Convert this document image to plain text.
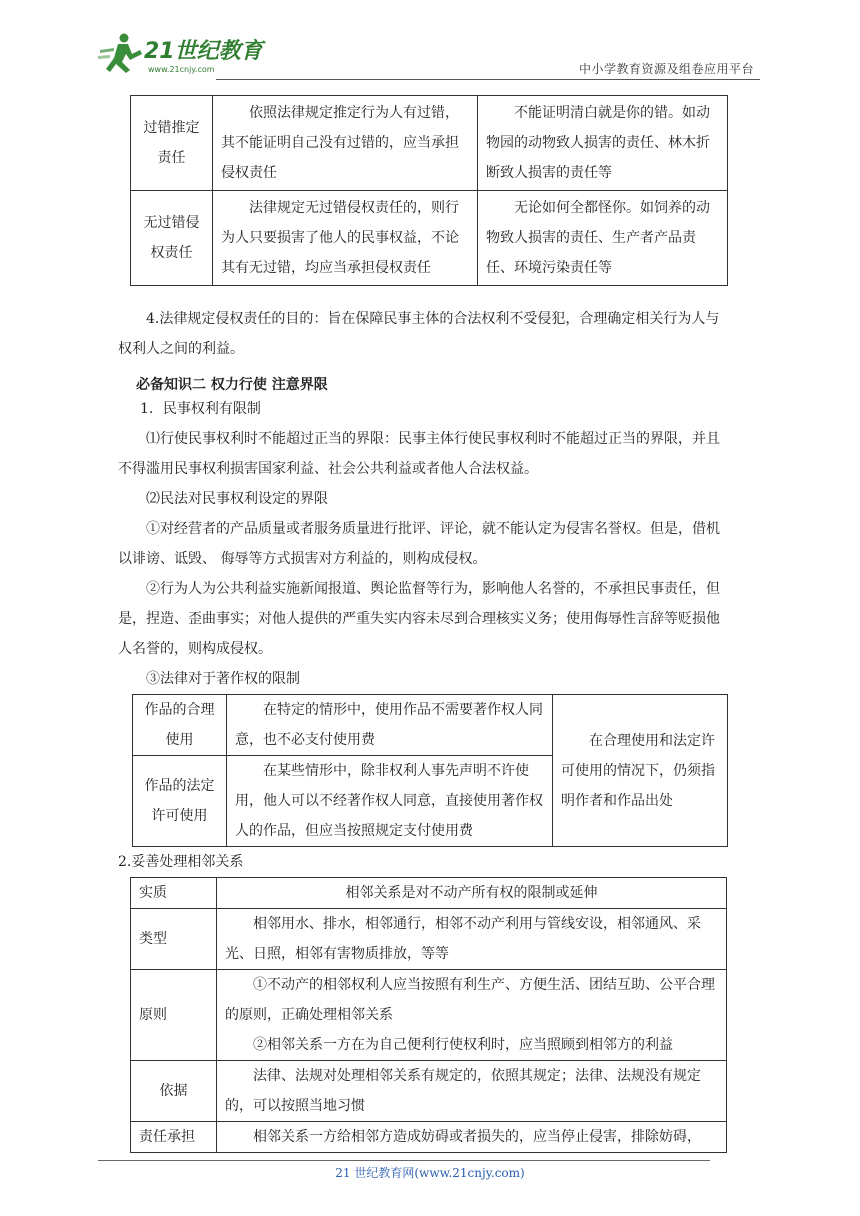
21世纪教育
www.21cnjy.com	中小学教育资源及组卷应用平台
过错推定责任	依照法律规定推定行为人有过错，其不能证明自己没有过错的，应当承担侵权责任	不能证明清白就是你的错。如动物园的动物致人损害的责任、林木折断致人损害的责任等
无过错侵权责任	法律规定无过错侵权责任的，则行为人只要损害了他人的民事权益，不论其有无过错，均应当承担侵权责任	无论如何全都怪你。如饲养的动物致人损害的责任、生产者产品责任、环境污染责任等

4.法律规定侵权责任的目的：旨在保障民事主体的合法权利不受侵犯，合理确定相关行为人与权利人之间的利益。

必备知识二 权力行使 注意界限

1．民事权利有限制

⑴行使民事权利时不能超过正当的界限：民事主体行使民事权利时不能超过正当的界限，并且不得滥用民事权利损害国家利益、社会公共利益或者他人合法权益。

⑵民法对民事权利设定的界限

①对经营者的产品质量或者服务质量进行批评、评论，就不能认定为侵害名誉权。但是，借机以诽谤、诋毁、 侮辱等方式损害对方利益的，则构成侵权。

②行为人为公共利益实施新闻报道、舆论监督等行为，影响他人名誉的，不承担民事责任，但是，捏造、歪曲事实；对他人提供的严重失实内容未尽到合理核实义务；使用侮辱性言辞等贬损他人名誉的，则构成侵权。

③法律对于著作权的限制

作品的合理使用	在特定的情形中，使用作品不需要著作权人同意，也不必支付使用费	在合理使用和法定许可使用的情况下，仍须指明作者和作品出处
作品的法定许可使用	在某些情形中，除非权利人事先声明不许使用，他人可以不经著作权人同意，直接使用著作权人的作品，但应当按照规定支付使用费	

2.妥善处理相邻关系

实质	相邻关系是对不动产所有权的限制或延伸
类型	相邻用水、排水，相邻通行，相邻不动产利用与管线安设，相邻通风、采光、日照，相邻有害物质排放，等等
原则	①不动产的相邻权利人应当按照有利生产、方便生活、团结互助、公平合理的原则，正确处理相邻关系
②相邻关系一方在为自己便利行使权利时，应当照顾到相邻方的利益

依据	法律、法规对处理相邻关系有规定的，依照其规定；法律、法规没有规定的，可以按照当地习惯
责任承担	相邻关系一方给相邻方造成妨碍或者损失的，应当停止侵害，排除妨碍，
21 世纪教育网(www.21cnjy.com)
